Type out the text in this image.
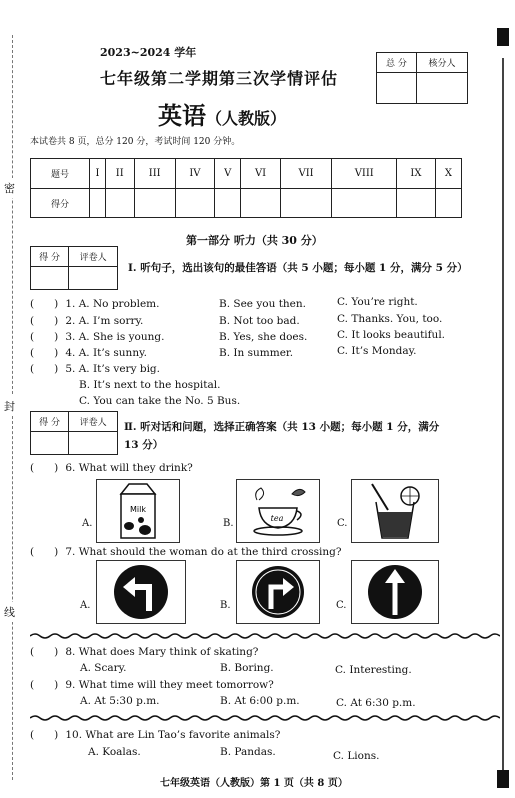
密
封
线
2023~2024 学年
七年级第二学期第三次学情评估
英语（人教版）
本试卷共 8 页，总分 120 分，考试时间 120 分钟。
总 分	核分人

题号	I	II	III	IV	V	VI	VII	VIII	IX	X
得分										
第一部分 听力（共 30 分）
得 分	评卷人

Ⅰ. 听句子，选出该句的最佳答语（共 5 小题；每小题 1 分，满分 5 分）
( ) 1. A. No problem.	B. See you then.	C. You’re right.
( ) 2. A. I’m sorry.	B. Not too bad.	C. Thanks. You, too.
( ) 3. A. She is young.	B. Yes, she does.	C. It looks beautiful.
( ) 4. A. It’s sunny.	B. In summer.	C. It’s Monday.
( ) 5. A. It’s very big.
B. It’s next to the hospital.
C. You can take the No. 5 Bus.
得 分	评卷人
	Ⅱ. 听对话和问题，选择正确答案（共 13 小题；每小题 1 分，满分
13 分）
( ) 6. What will they drink?
A.
Milk
B.	tea	C.
( ) 7. What should the woman do at the third crossing?
A.	B.	C.
( ) 8. What does Mary think of skating?
A. Scary.	B. Boring.	C. Interesting.
( ) 9. What time will they meet tomorrow?
A. At 5:30 p.m.	B. At 6:00 p.m.	C. At 6:30 p.m.
( ) 10. What are Lin Tao’s favorite animals?
A. Koalas.	B. Pandas.	C. Lions.
七年级英语（人教版）第 1 页（共 8 页）
